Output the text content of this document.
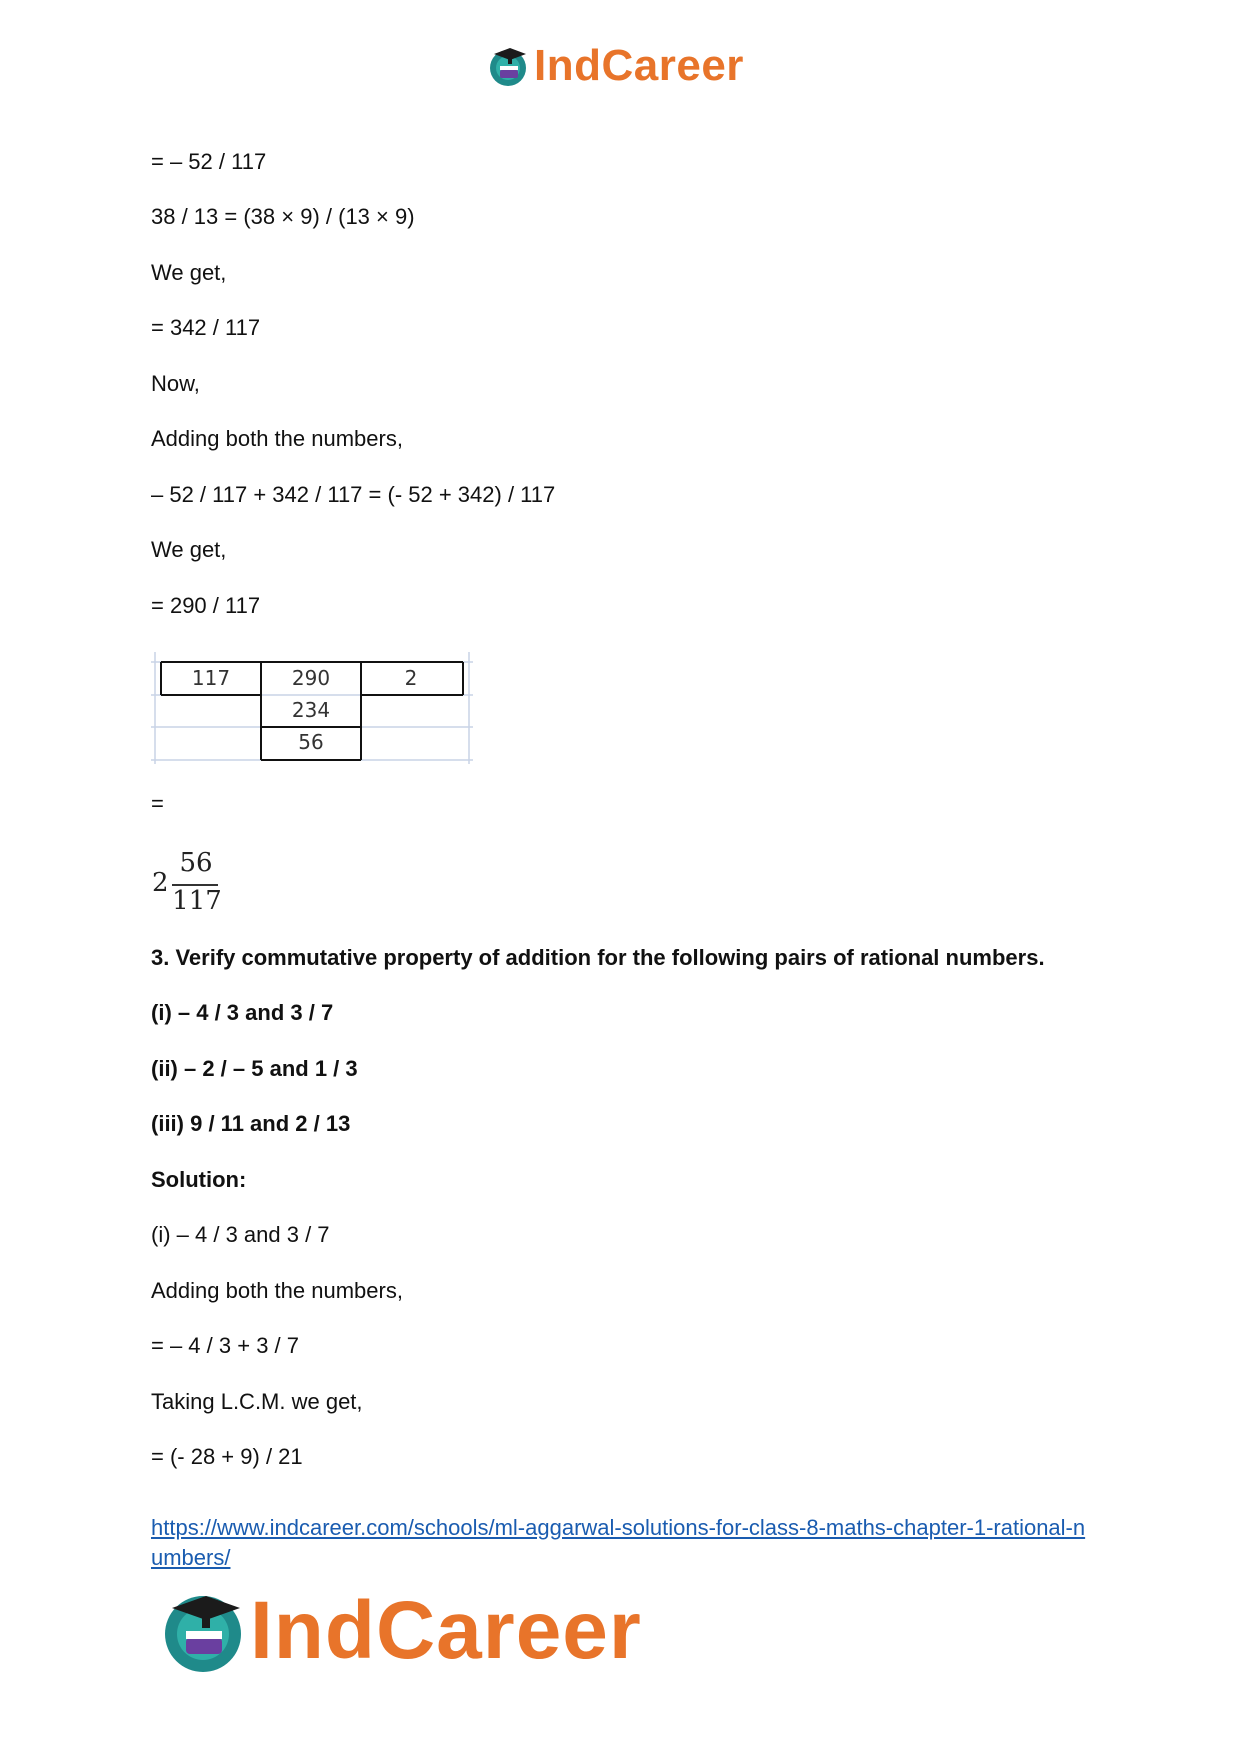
IndCareer
= – 52 / 117
38 / 13 = (38 × 9) / (13 × 9)
We get,
= 342 / 117
Now,
Adding both the numbers,
– 52 / 117 + 342 / 117 = (- 52 + 342) / 117
We get,
= 290 / 117
117	290	2
234
56
=
2
56
117
3. Verify commutative property of addition for the following pairs of rational numbers.
(i) – 4 / 3 and 3 / 7
(ii) – 2 / – 5 and 1 / 3
(iii) 9 / 11 and 2 / 13
Solution:
(i) – 4 / 3 and 3 / 7
Adding both the numbers,
= – 4 / 3 + 3 / 7
Taking L.C.M. we get,
= (- 28 + 9) / 21
https://www.indcareer.com/schools/ml-aggarwal-solutions-for-class-8-maths-chapter-1-rational-numbers/
IndCareer
